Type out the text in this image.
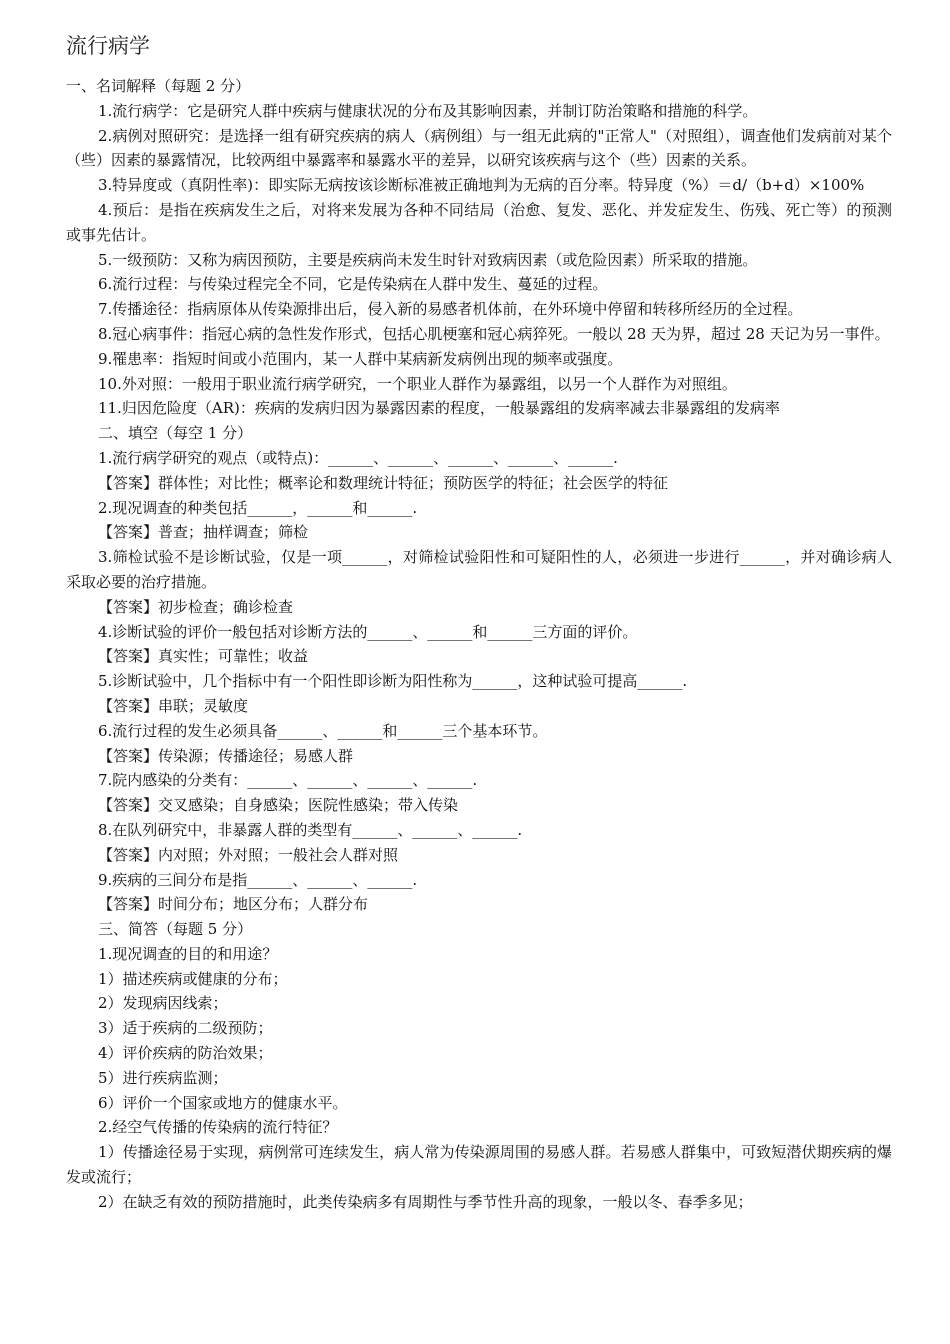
流行病学
一、名词解释（每题 2 分）

1.流行病学：它是研究人群中疾病与健康状况的分布及其影响因素，并制订防治策略和措施的科学。

2.病例对照研究：是选择一组有研究疾病的病人（病例组）与一组无此病的"正常人"（对照组），调查他们发病前对某个（些）因素的暴露情况，比较两组中暴露率和暴露水平的差异，以研究该疾病与这个（些）因素的关系。

3.特异度或（真阴性率)：即实际无病按该诊断标准被正确地判为无病的百分率。特异度（%）＝d/（b+d）×100%

4.预后：是指在疾病发生之后，对将来发展为各种不同结局（治愈、复发、恶化、并发症发生、伤残、死亡等）的预测或事先估计。

5.一级预防：又称为病因预防，主要是疾病尚未发生时针对致病因素（或危险因素）所采取的措施。

6.流行过程：与传染过程完全不同，它是传染病在人群中发生、蔓延的过程。

7.传播途径：指病原体从传染源排出后，侵入新的易感者机体前，在外环境中停留和转移所经历的全过程。

8.冠心病事件：指冠心病的急性发作形式，包括心肌梗塞和冠心病猝死。一般以 28 天为界，超过 28 天记为另一事件。

9.罹患率：指短时间或小范围内，某一人群中某病新发病例出现的频率或强度。

10.外对照：一般用于职业流行病学研究，一个职业人群作为暴露组，以另一个人群作为对照组。

11.归因危险度（AR)：疾病的发病归因为暴露因素的程度，一般暴露组的发病率减去非暴露组的发病率

二、填空（每空 1 分）

1.流行病学研究的观点（或特点)：______、______、______、______、______.

【答案】群体性；对比性；概率论和数理统计特征；预防医学的特征；社会医学的特征

2.现况调查的种类包括______，______和______.

【答案】普查；抽样调查；筛检

3.筛检试验不是诊断试验，仅是一项______，对筛检试验阳性和可疑阳性的人，必须进一步进行______，并对确诊病人采取必要的治疗措施。

【答案】初步检查；确诊检查

4.诊断试验的评价一般包括对诊断方法的______、______和______三方面的评价。

【答案】真实性；可靠性；收益

5.诊断试验中，几个指标中有一个阳性即诊断为阳性称为______，这种试验可提高______.

【答案】串联；灵敏度

6.流行过程的发生必须具备______、______和______三个基本环节。

【答案】传染源；传播途径；易感人群

7.院内感染的分类有：______、______、______、______.

【答案】交叉感染；自身感染；医院性感染；带入传染

8.在队列研究中，非暴露人群的类型有______、______、______.

【答案】内对照；外对照；一般社会人群对照

9.疾病的三间分布是指______、______、______.

【答案】时间分布；地区分布；人群分布

三、简答（每题 5 分）
1.现况调查的目的和用途？
1）描述疾病或健康的分布；
2）发现病因线索；
3）适于疾病的二级预防；
4）评价疾病的防治效果；
5）进行疾病监测；
6）评价一个国家或地方的健康水平。
2.经空气传播的传染病的流行特征？

1）传播途径易于实现，病例常可连续发生，病人常为传染源周围的易感人群。若易感人群集中，可致短潜伏期疾病的爆发或流行；

2）在缺乏有效的预防措施时，此类传染病多有周期性与季节性升高的现象，一般以冬、春季多见；
